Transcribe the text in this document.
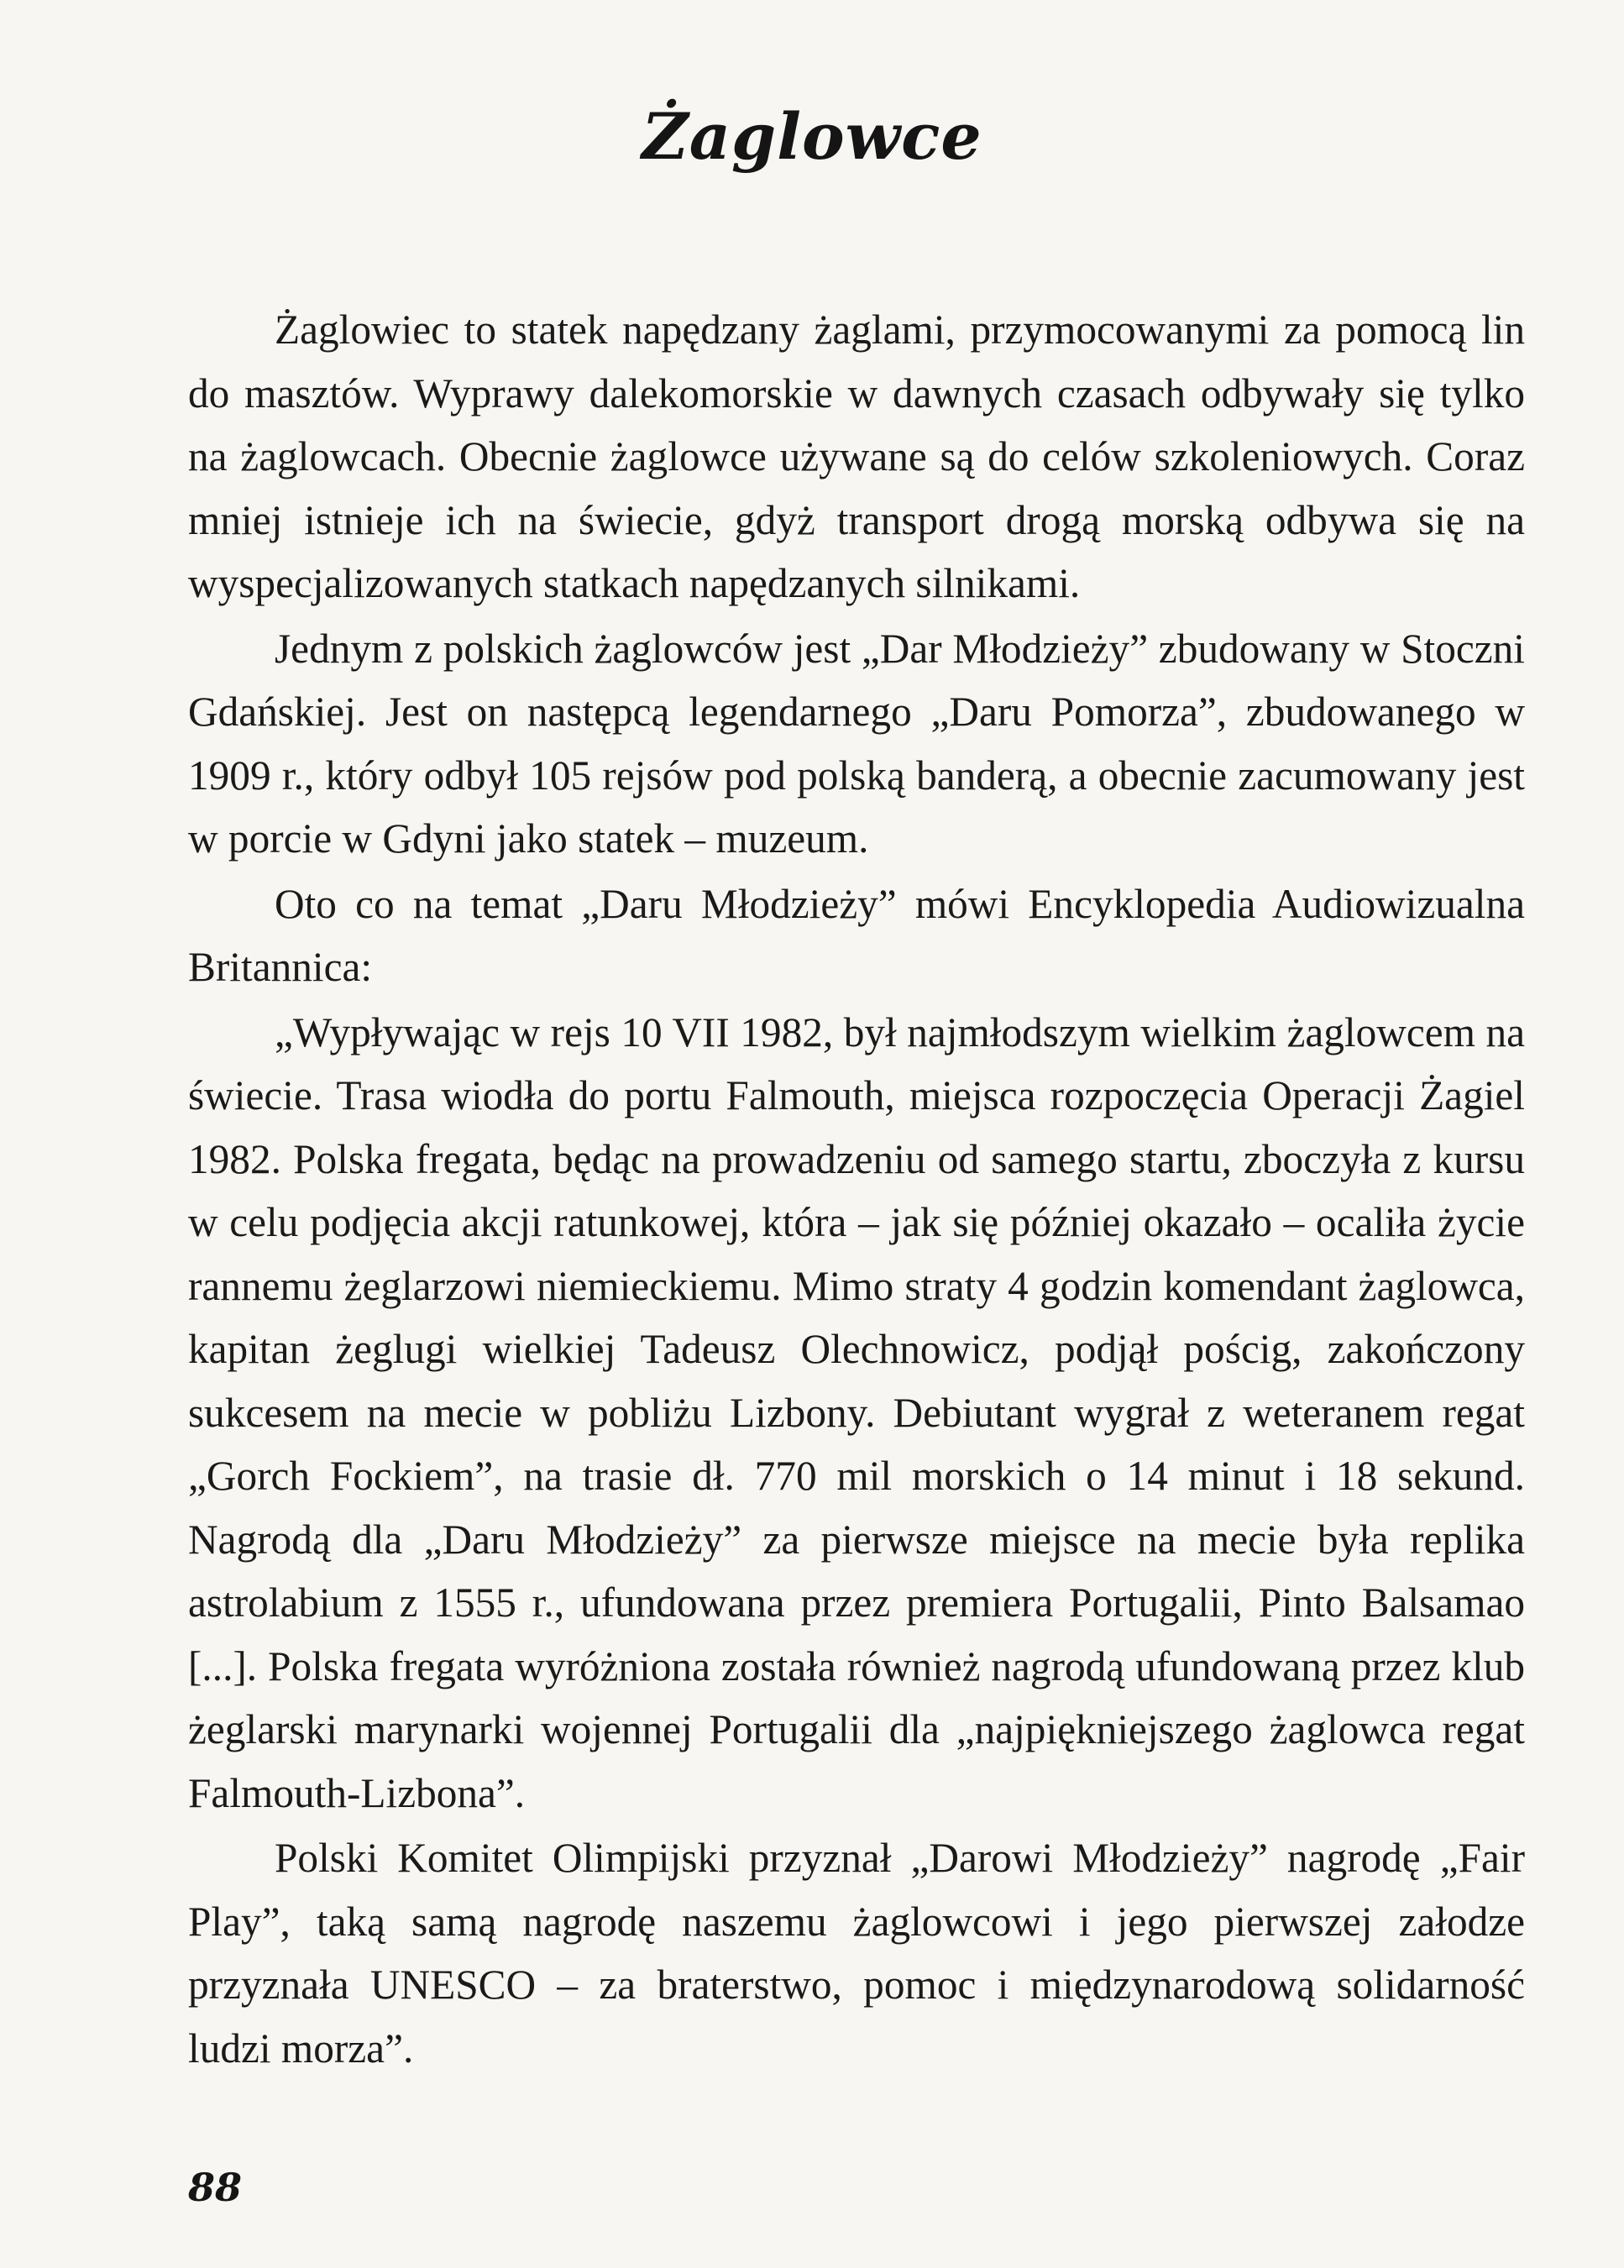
Żaglowce

Żaglowiec to statek napędzany żaglami, przymocowanymi za pomocą lin do masztów. Wyprawy dalekomorskie w dawnych czasach odbywały się tylko na żaglowcach. Obecnie żaglowce używane są do celów szkoleniowych. Coraz mniej istnieje ich na świecie, gdyż transport drogą morską odbywa się na wyspecjalizowanych statkach napędzanych silnikami.

Jednym z polskich żaglowców jest „Dar Młodzieży” zbudowany w Stoczni Gdańskiej. Jest on następcą legendarnego „Daru Pomorza”, zbudowanego w 1909 r., który odbył 105 rejsów pod polską banderą, a obecnie zacumowany jest w porcie w Gdyni jako statek – muzeum.

Oto co na temat „Daru Młodzieży” mówi Encyklopedia Audiowizualna Britannica:

„Wypływając w rejs 10 VII 1982, był najmłodszym wielkim żaglowcem na świecie. Trasa wiodła do portu Falmouth, miejsca rozpoczęcia Operacji Żagiel 1982. Polska fregata, będąc na prowadzeniu od samego startu, zboczyła z kursu w celu podjęcia akcji ratunkowej, która – jak się później okazało – ocaliła życie rannemu żeglarzowi niemieckiemu. Mimo straty 4 godzin komendant żaglowca, kapitan żeglugi wielkiej Tadeusz Olechnowicz, podjął pościg, zakończony sukcesem na mecie w pobliżu Lizbony. Debiutant wygrał z weteranem regat „Gorch Fockiem”, na trasie dł. 770 mil morskich o 14 minut i 18 sekund. Nagrodą dla „Daru Młodzieży” za pierwsze miejsce na mecie była replika astrolabium z 1555 r., ufundowana przez premiera Portugalii, Pinto Balsamao [...]. Polska fregata wyróżniona została również nagrodą ufundowaną przez klub żeglarski marynarki wojennej Portugalii dla „najpiękniejszego żaglowca regat Falmouth-Lizbona”.

Polski Komitet Olimpijski przyznał „Darowi Młodzieży” nagrodę „Fair Play”, taką samą nagrodę naszemu żaglowcowi i jego pierwszej załodze przyznała UNESCO – za braterstwo, pomoc i międzynarodową solidarność ludzi morza”.

88
